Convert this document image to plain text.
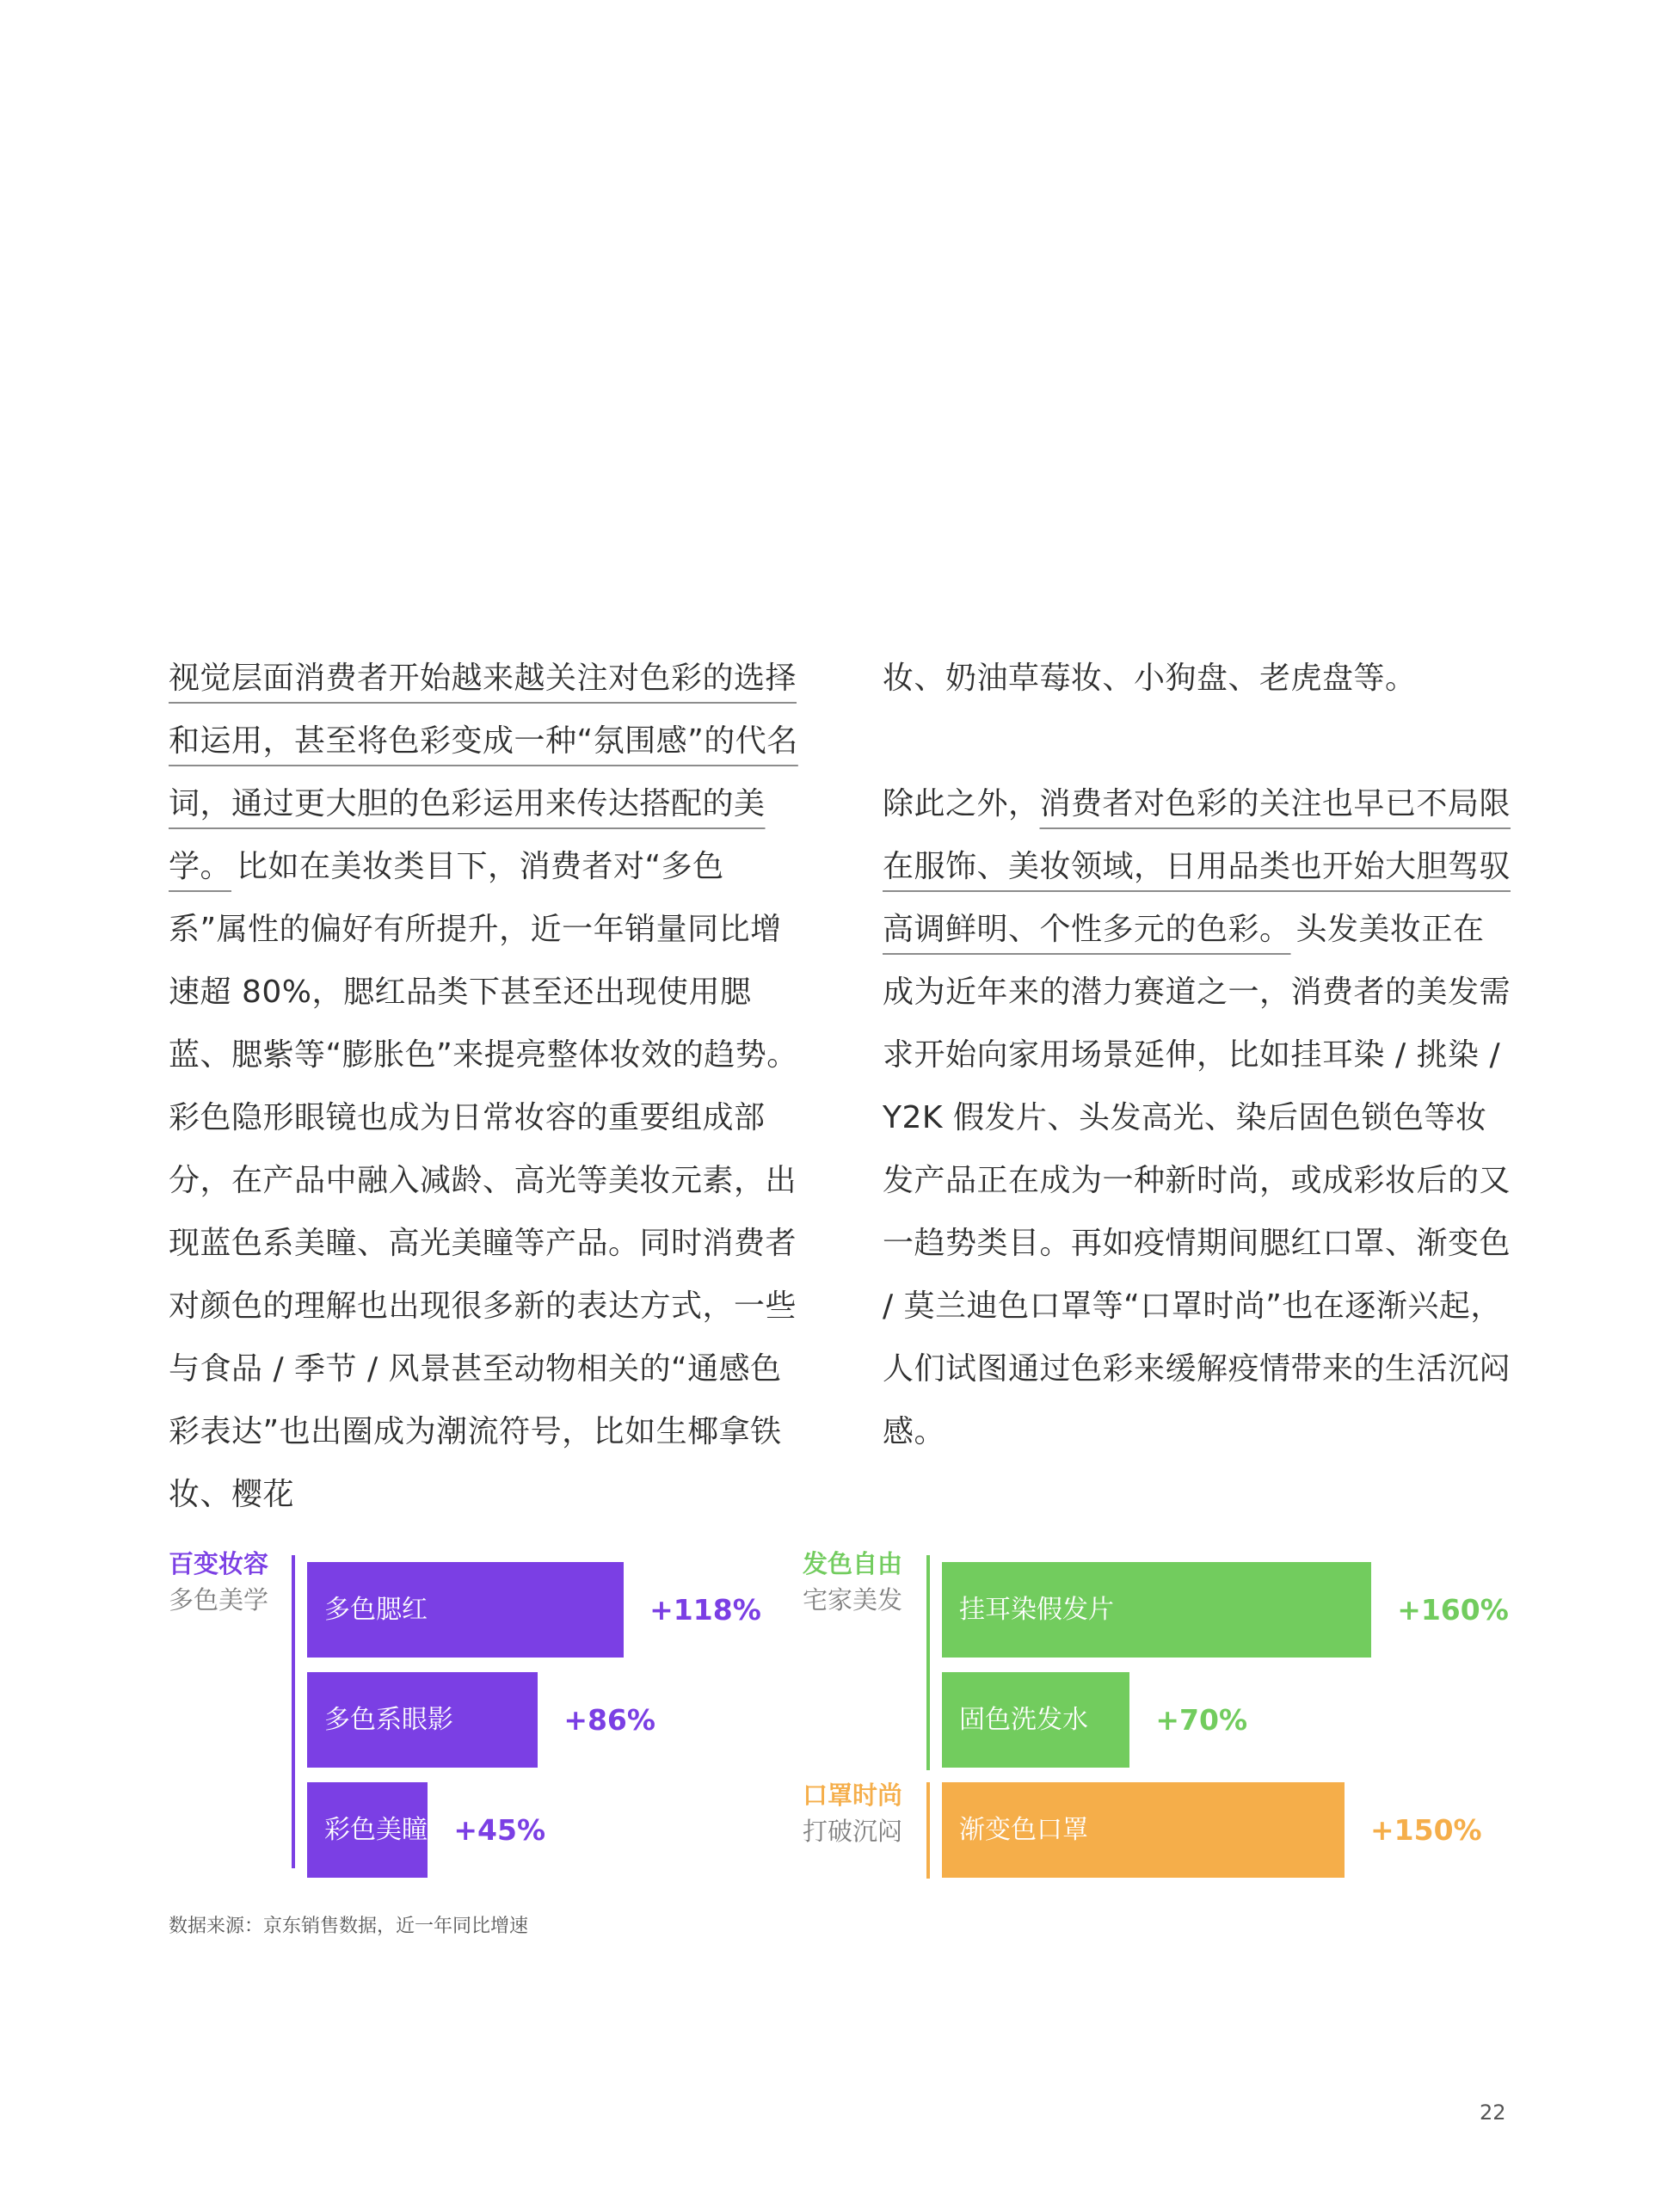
视觉层面消费者开始越来越关注对色彩的选择和运用，甚至将色彩变成一种“氛围感”的代名词，通过更大胆的色彩运用来传达搭配的美学。 比如在美妆类目下，消费者对“多色系”属性的偏好有所提升，近一年销量同比增速超 80%，腮红品类下甚至还出现使用腮蓝、腮紫等“膨胀色”来提亮整体妆效的趋势。彩色隐形眼镜也成为日常妆容的重要组成部分，在产品中融入减龄、高光等美妆元素，出现蓝色系美瞳、高光美瞳等产品。同时消费者对颜色的理解也出现很多新的表达方式，一些与食品 / 季节 / 风景甚至动物相关的“通感色彩表达”也出圈成为潮流符号，比如生椰拿铁妆、樱花

妆、奶油草莓妆、小狗盘、老虎盘等。

除此之外，消费者对色彩的关注也早已不局限在服饰、美妆领域，日用品类也开始大胆驾驭高调鲜明、个性多元的色彩。 头发美妆正在成为近年来的潜力赛道之一，消费者的美发需求开始向家用场景延伸，比如挂耳染 / 挑染 / Y2K 假发片、头发高光、染后固色锁色等妆发产品正在成为一种新时尚，或成彩妆后的又一趋势类目。再如疫情期间腮红口罩、渐变色 / 莫兰迪色口罩等“口罩时尚”也在逐渐兴起，人们试图通过色彩来缓解疫情带来的生活沉闷感。

百变妆容
多色美学	多色腮红	+118%
多色系眼影	+86%
彩色美瞳 +45%
发色自由
宅家美发	挂耳染假发片	+160%
固色洗发水	+70%
口罩时尚
打破沉闷	渐变色口罩	+150%
数据来源：京东销售数据，近一年同比增速
22
